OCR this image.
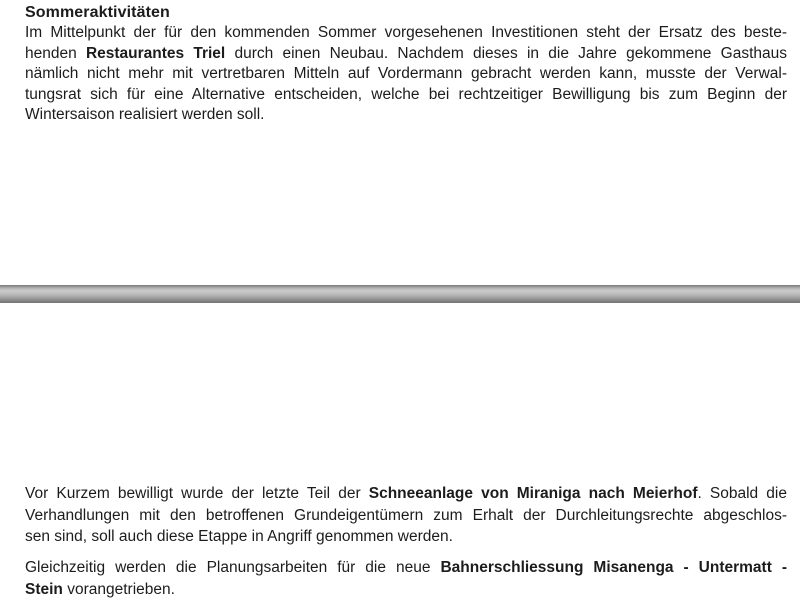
Sommeraktivitäten
Im Mittelpunkt der für den kommenden Sommer vorgesehenen Investitionen steht der Ersatz des beste-
henden Restaurantes Triel durch einen Neubau. Nachdem dieses in die Jahre gekommene Gasthaus
nämlich nicht mehr mit vertretbaren Mitteln auf Vordermann gebracht werden kann, musste der Verwal-
tungsrat sich für eine Alternative entscheiden, welche bei rechtzeitiger Bewilligung bis zum Beginn der
Wintersaison realisiert werden soll.
Vor Kurzem bewilligt wurde der letzte Teil der Schneeanlage von Miraniga nach Meierhof. Sobald die
Verhandlungen mit den betroffenen Grundeigentümern zum Erhalt der Durchleitungsrechte abgeschlos-
sen sind, soll auch diese Etappe in Angriff genommen werden.
Gleichzeitig werden die Planungsarbeiten für die neue Bahnerschliessung Misanenga - Untermatt -
Stein vorangetrieben.
